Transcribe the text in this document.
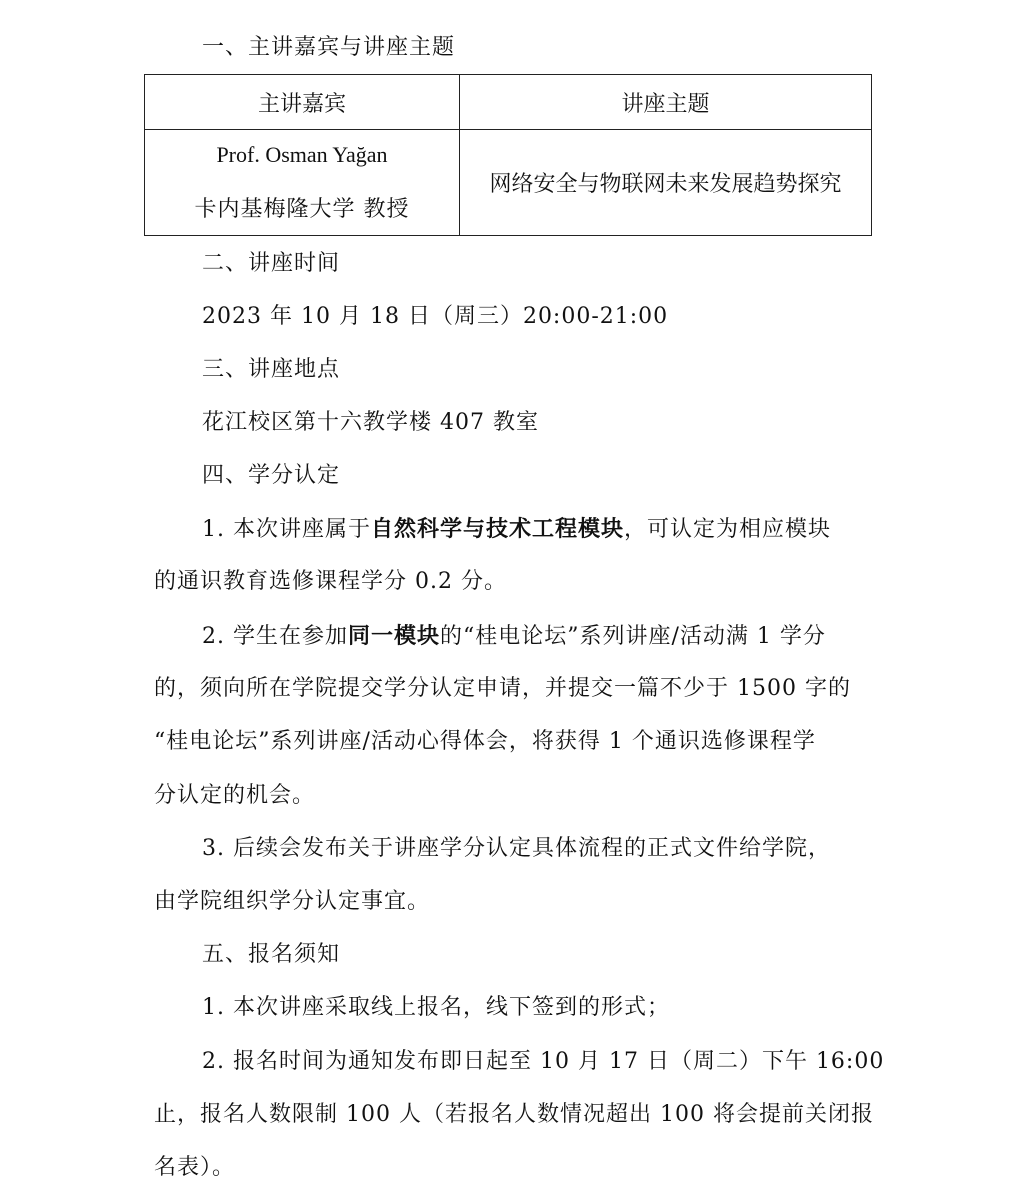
一、主讲嘉宾与讲座主题

主讲嘉宾	讲座主题

Prof. Osman Yağan
卡内基梅隆大学 教授	网络安全与物联网未来发展趋势探究

二、讲座时间

2023 年 10 月 18 日（周三）20:00-21:00

三、讲座地点

花江校区第十六教学楼 407 教室

四、学分认定

1. 本次讲座属于自然科学与技术工程模块，可认定为相应模块

的通识教育选修课程学分 0.2 分。

2. 学生在参加同一模块的“桂电论坛”系列讲座/活动满 1 学分

的，须向所在学院提交学分认定申请，并提交一篇不少于 1500 字的

“桂电论坛”系列讲座/活动心得体会，将获得 1 个通识选修课程学

分认定的机会。

3. 后续会发布关于讲座学分认定具体流程的正式文件给学院，

由学院组织学分认定事宜。

五、报名须知

1. 本次讲座采取线上报名，线下签到的形式；

2. 报名时间为通知发布即日起至 10 月 17 日（周二）下午 16:00

止，报名人数限制 100 人（若报名人数情况超出 100 将会提前关闭报

名表）。
